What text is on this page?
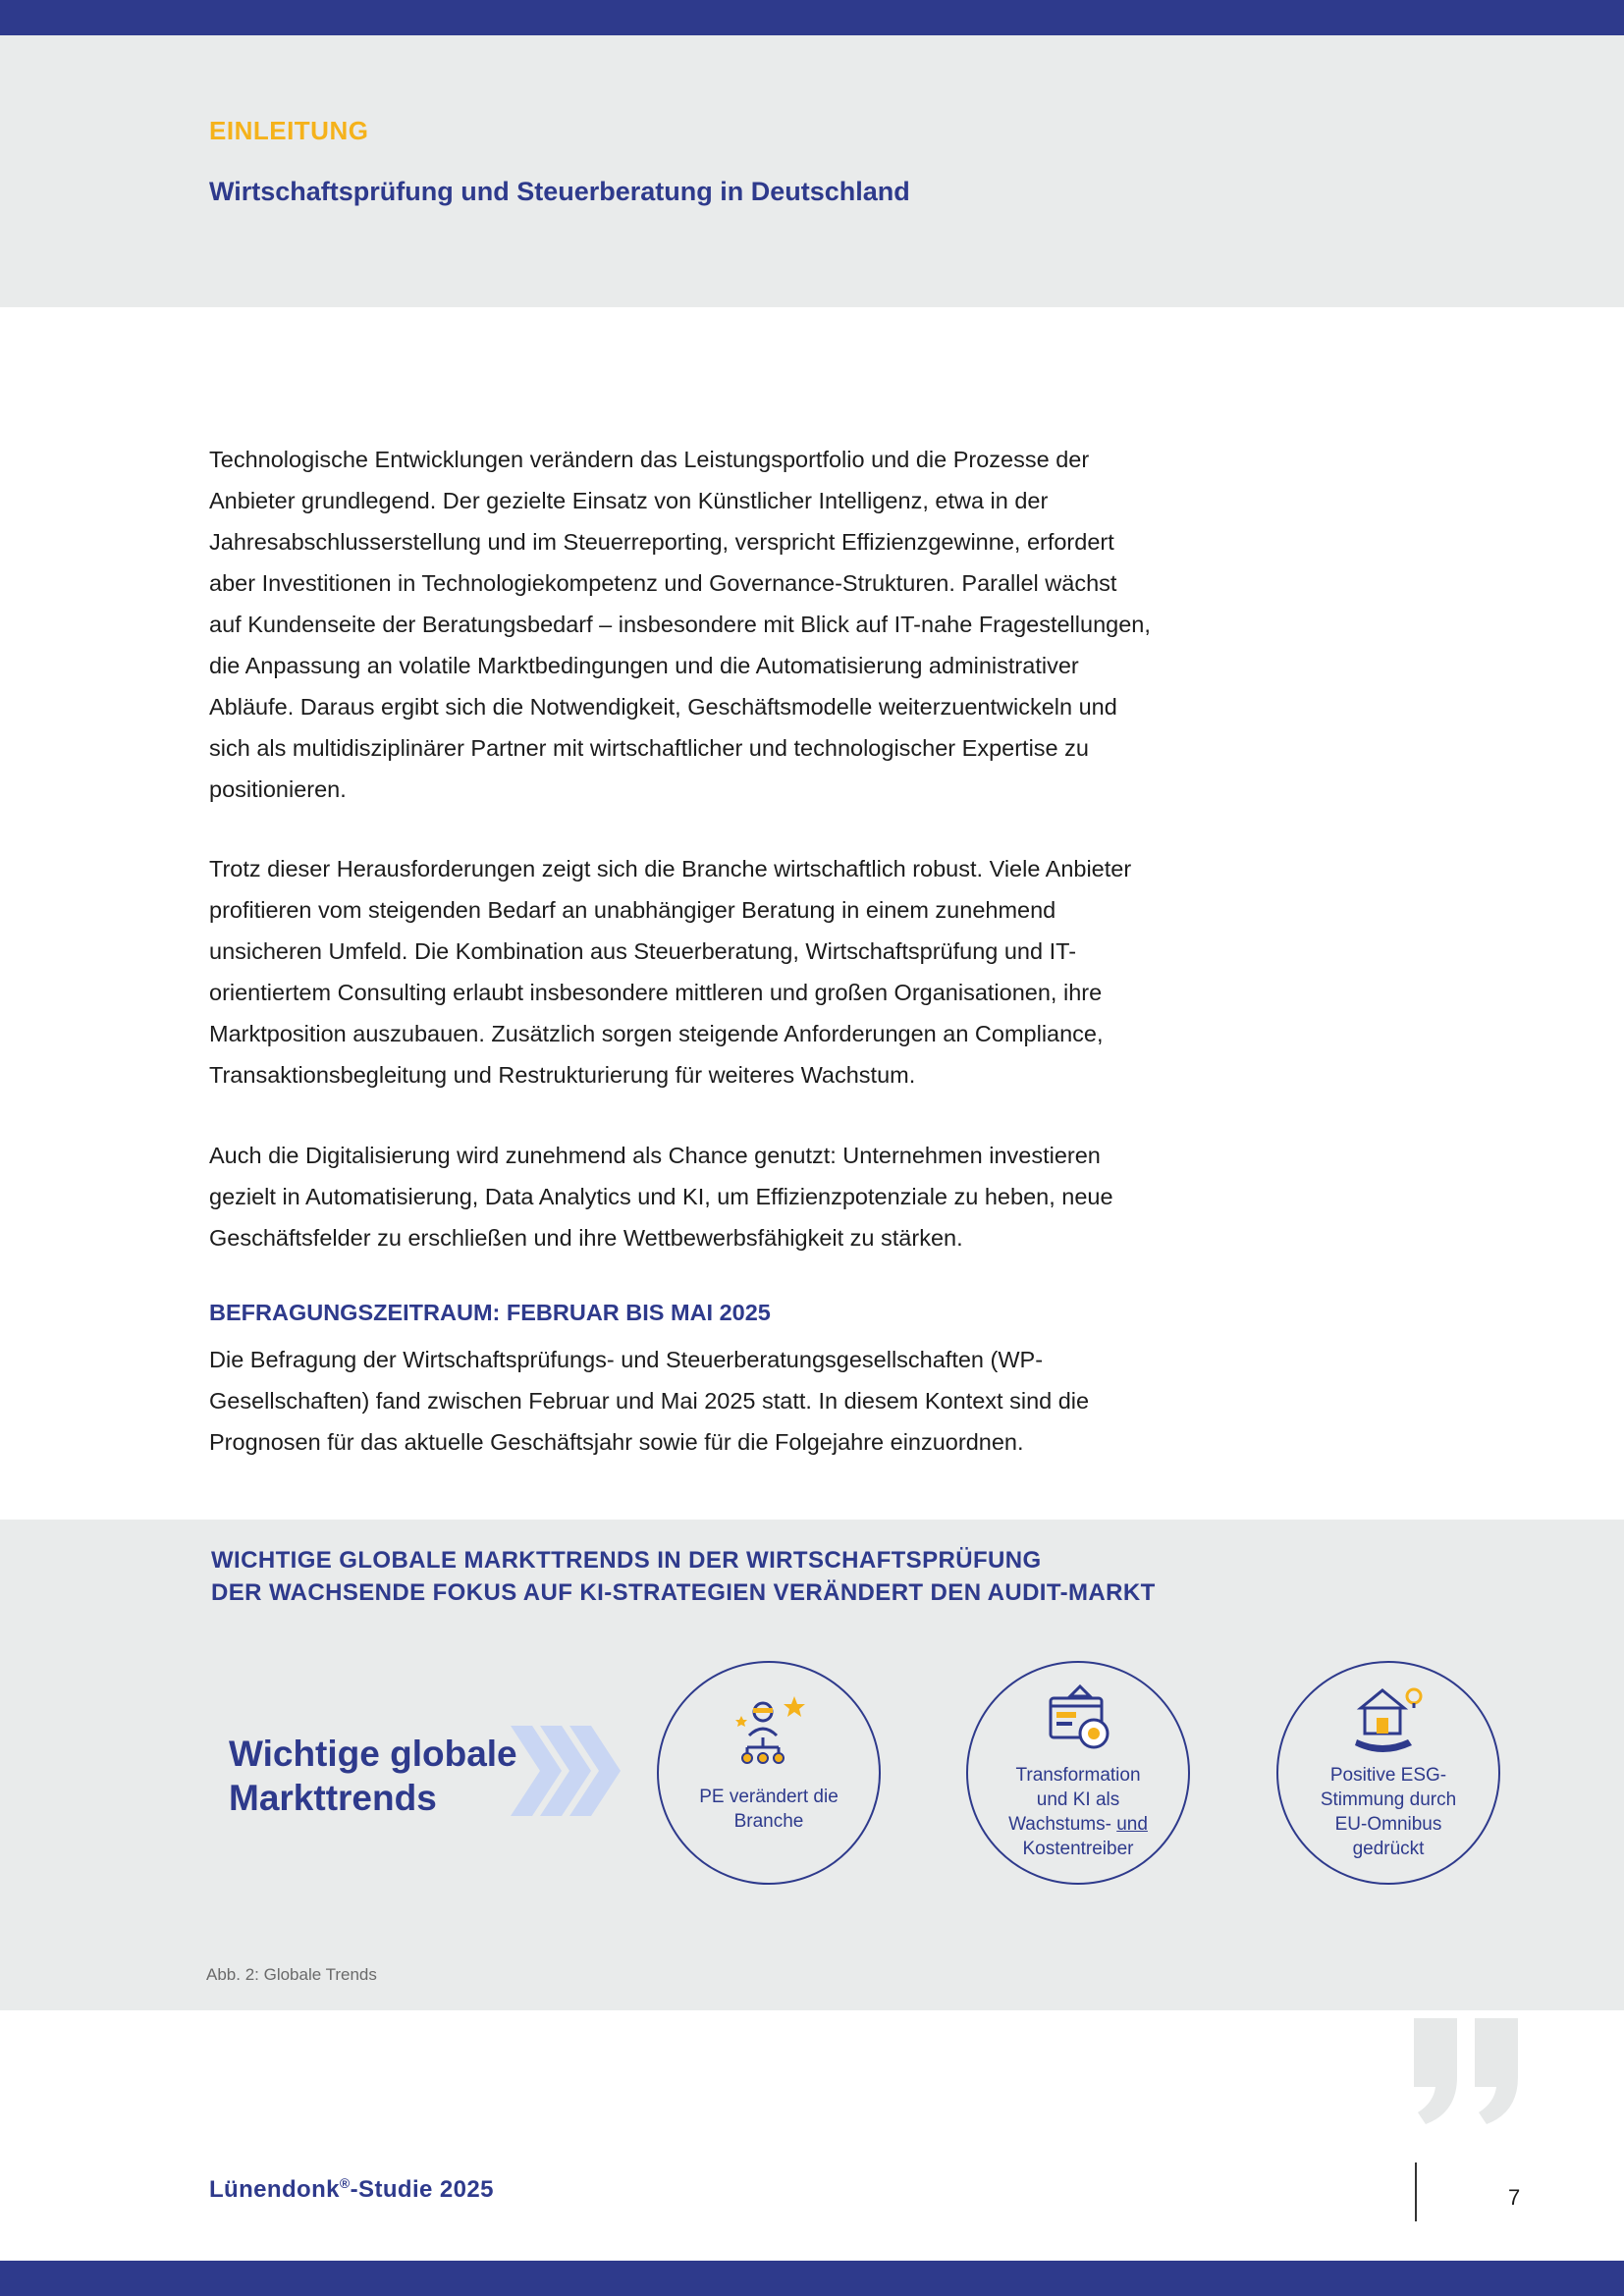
EINLEITUNG
Wirtschaftsprüfung und Steuerberatung in Deutschland

Technologische Entwicklungen verändern das Leistungsportfolio und die Prozesse der

Anbieter grundlegend. Der gezielte Einsatz von Künstlicher Intelligenz, etwa in der

Jahresabschlusserstellung und im Steuerreporting, verspricht Effizienzgewinne, erfordert

aber Investitionen in Technologiekompetenz und Governance-Strukturen. Parallel wächst

auf Kundenseite der Beratungsbedarf – insbesondere mit Blick auf IT-nahe Fragestellungen,

die Anpassung an volatile Marktbedingungen und die Automatisierung administrativer

Abläufe. Daraus ergibt sich die Notwendigkeit, Geschäftsmodelle weiterzuentwickeln und

sich als multidisziplinärer Partner mit wirtschaftlicher und technologischer Expertise zu

positionieren.

Trotz dieser Herausforderungen zeigt sich die Branche wirtschaftlich robust. Viele Anbieter

profitieren vom steigenden Bedarf an unabhängiger Beratung in einem zunehmend

unsicheren Umfeld. Die Kombination aus Steuerberatung, Wirtschaftsprüfung und IT-

orientiertem Consulting erlaubt insbesondere mittleren und großen Organisationen, ihre

Marktposition auszubauen. Zusätzlich sorgen steigende Anforderungen an Compliance,

Transaktionsbegleitung und Restrukturierung für weiteres Wachstum.

Auch die Digitalisierung wird zunehmend als Chance genutzt: Unternehmen investieren

gezielt in Automatisierung, Data Analytics und KI, um Effizienzpotenziale zu heben, neue

Geschäftsfelder zu erschließen und ihre Wettbewerbsfähigkeit zu stärken.

BEFRAGUNGSZEITRAUM: FEBRUAR BIS MAI 2025

Die Befragung der Wirtschaftsprüfungs- und Steuerberatungsgesellschaften (WP-

Gesellschaften) fand zwischen Februar und Mai 2025 statt. In diesem Kontext sind die

Prognosen für das aktuelle Geschäftsjahr sowie für die Folgejahre einzuordnen.

WICHTIGE GLOBALE MARKTTRENDS IN DER WIRTSCHAFTSPRÜFUNG
DER WACHSENDE FOKUS AUF KI-STRATEGIEN VERÄNDERT DEN AUDIT-MARKT
Wichtige globale
Markttrends	PE verändert die
Branche
Transformation
und KI als
Wachstums- und
Kostentreiber
Positive ESG-
Stimmung durch
EU-Omnibus
gedrückt
Abb. 2: Globale Trends
Lünendonk®-Studie 2025	7
